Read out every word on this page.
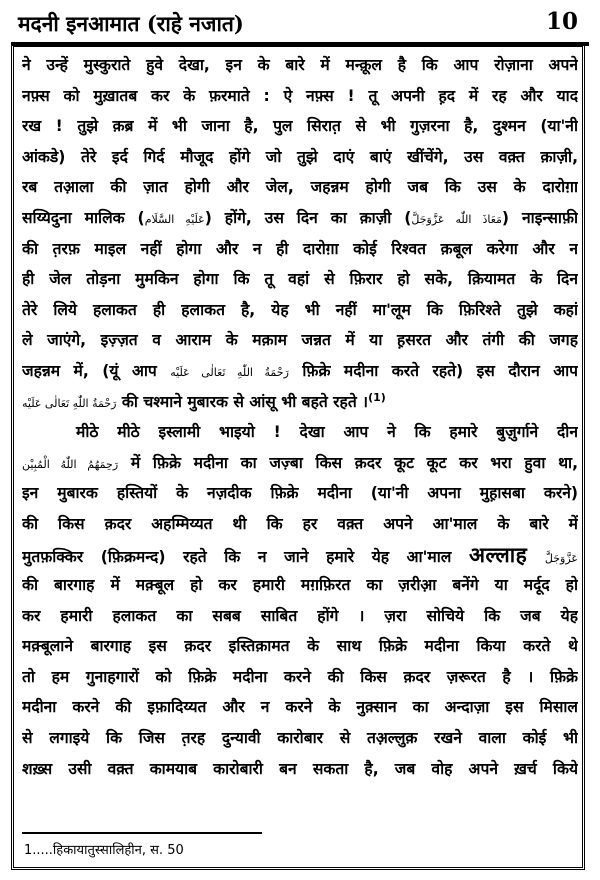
मदनी इनआमात (राहे नजात)	10
ने उन्हें मुस्कुराते हुवे देखा, इन के बारे में मन्क़ूल है कि आप रोज़ाना अपने
नफ़्स को मुख़ातब कर के फ़रमाते : ऐ नफ़्स ! तू अपनी ह़द में रह और याद
रख ! तुझे क़ब्र में भी जाना है, पुल सिरात़ से भी गुज़रना है, दुश्मन (या'नी
आंकडे) तेरे इर्द गिर्द मौजूद होंगे जो तुझे दाएं बाएं खींचेंगे, उस वक़्त क़ाज़ी,
रब तआ़ला की ज़ात होगी और जेल, जहन्नम होगी जब कि उस के दारोग़ा
सय्यिदुना मालिक (عَلَیْهِ السَّلَام) होंगे, उस दिन का क़ाज़ी (مَعَاذَ اللّٰه عَزَّوَجَلَّ) नाइन्साफ़ी
की त़रफ़ माइल नहीं होगा और न ही दारोग़ा कोई रिश्वत क़बूल करेगा और न
ही जेल तोड़ना मुमकिन होगा कि तू वहां से फ़िरार हो सके, क़ियामत के दिन
तेरे लिये हलाकत ही हलाकत है, येह भी नहीं मा'लूम कि फ़िरिश्ते तुझे कहां
ले जाएंगे, इज़्ज़त व आराम के मक़ाम जन्नत में या ह़सरत और तंगी की जगह
जहन्नम में, (यूं आप رَحْمَةُ اللّٰهِ تَعَالٰی عَلَیْه फ़िक्रे मदीना करते रहते) इस दौरान आप
رَحْمَةُ اللّٰهِ تَعَالٰی عَلَیْه की चश्माने मुबारक से आंसू भी बहते रहते ।$^{(1)}$
मीठे मीठे इस्लामी भाइयो ! देखा आप ने कि हमारे बुज़ुर्गाने दीन
رَحِمَهُمُ اللّٰهُ الْمُبِیْن में फ़िक्रे मदीना का जज़्बा किस क़दर कूट कूट कर भरा हुवा था,
इन मुबारक हस्तियों के नज़दीक फ़िक्रे मदीना (या'नी अपना मुह़ासबा करने)
की किस क़दर अहम्मिय्यत थी कि हर वक़्त अपने आ'माल के बारे में
मुतफ़क्किर (फ़िक्रमन्द) रहते कि न जाने हमारे येह आ'माल अल्लाह عَزَّوَجَلَّ
की बारगाह में मक़्बूल हो कर हमारी मग़फ़िरत का ज़रीआ़ बनेंगे या मर्दूद हो
कर हमारी हलाकत का सबब साबित होंगे । ज़रा सोचिये कि जब येह
मक़्बूलाने बारगाह इस क़दर इस्तिक़ामत के साथ फ़िक्रे मदीना किया करते थे
तो हम गुनाहगारों को फ़िक्रे मदीना करने की किस क़दर ज़रूरत है । फ़िक्रे
मदीना करने की इफ़ादिय्यत और न करने के नुक़्सान का अन्दाज़ा इस मिसाल
से लगाइये कि जिस त़रह दुन्यावी कारोबार से तअ़ल्लुक़ रखने वाला कोई भी
शख़्स उसी वक़्त कामयाब कारोबारी बन सकता है, जब वोह अपने ख़र्च किये
1.....हिकायातुस्सालिहीन, स. 50
